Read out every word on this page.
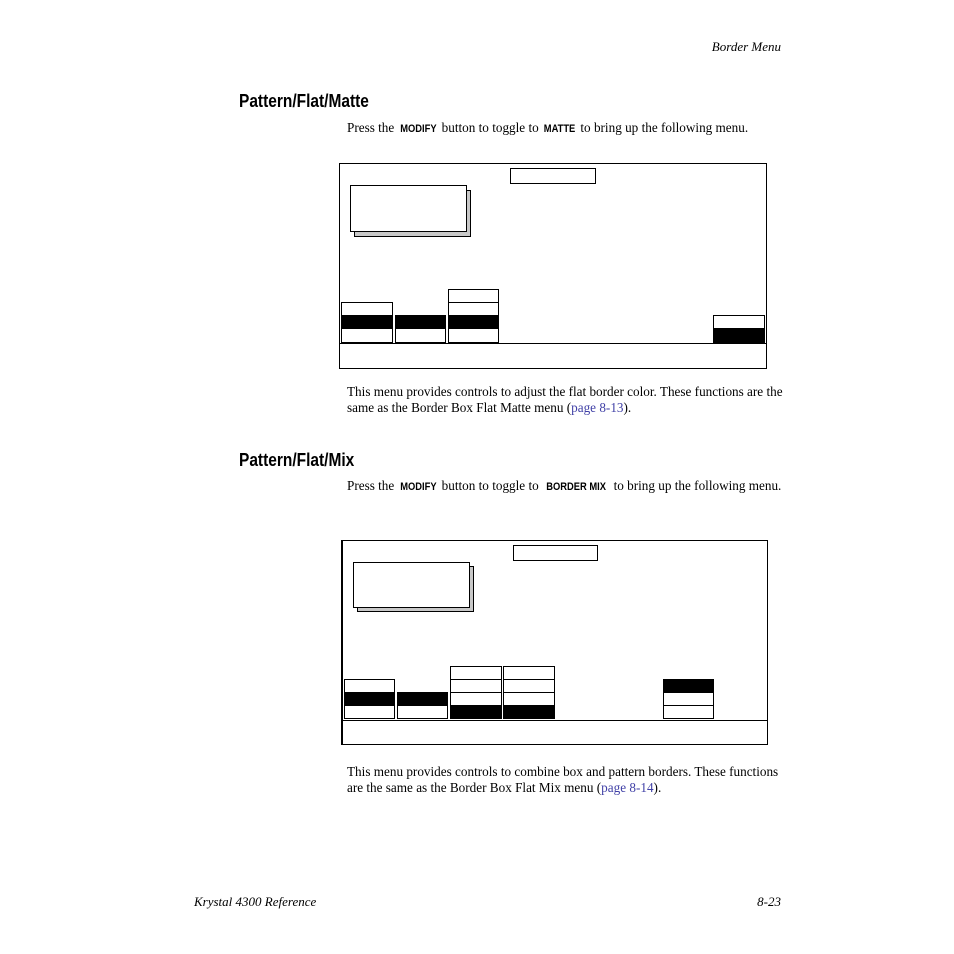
Border Menu
Pattern/Flat/Matte
Press the MODIFY button to toggle to MATTE to bring up the following menu.
This menu provides controls to adjust the flat border color. These functions are the same as the Border Box Flat Matte menu (page 8-13).
Pattern/Flat/Mix
Press the MODIFY button to toggle to BORDER MIX to bring up the following menu.
This menu provides controls to combine box and pattern borders. These functions are the same as the Border Box Flat Mix menu (page 8-14).
Krystal 4300 Reference	8-23
